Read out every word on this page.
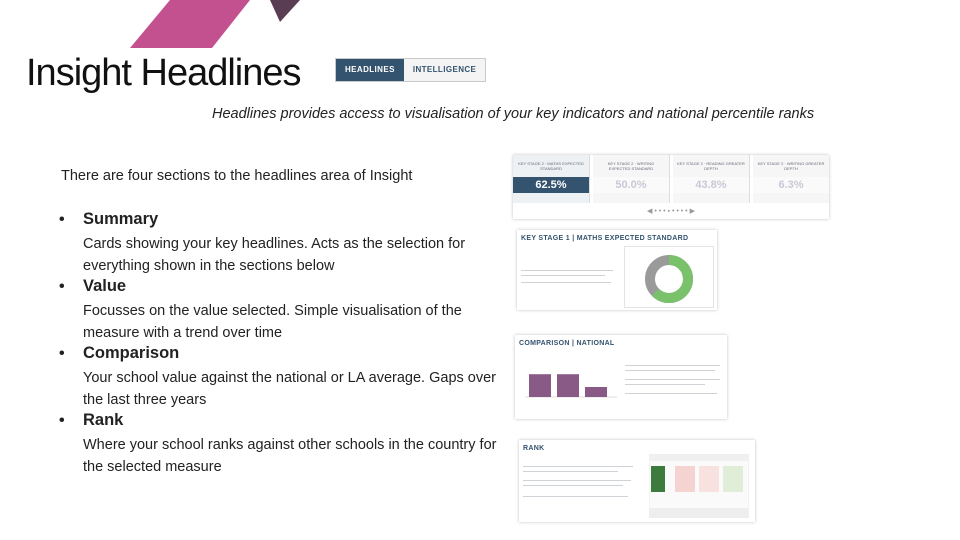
Insight Headlines	HEADLINES	INTELLIGENCE
Headlines provides access to visualisation of your key indicators and national percentile ranks
There are four sections to the headlines area of Insight
•	Summary
Cards showing your key headlines. Acts as the selection for everything shown in the sections below
•	Value
Focusses on the value selected. Simple visualisation of the measure with a trend over time
•	Comparison
Your school value against the national or LA average. Gaps over the last three years
•	Rank
Where your school ranks against other schools in the country for the selected measure
KEY STAGE 2 · MATHS EXPECTED STANDARD
62.5%
KEY STAGE 2 · WRITING EXPECTED STANDARD
50.0%
KEY STAGE 2 · READING GREATER DEPTH
43.8%
KEY STAGE 2 · WRITING GREATER DEPTH
6.3%
◀ • • • ▪ • • • • ▶
KEY STAGE 1 | MATHS EXPECTED STANDARD
COMPARISON | NATIONAL
RANK
